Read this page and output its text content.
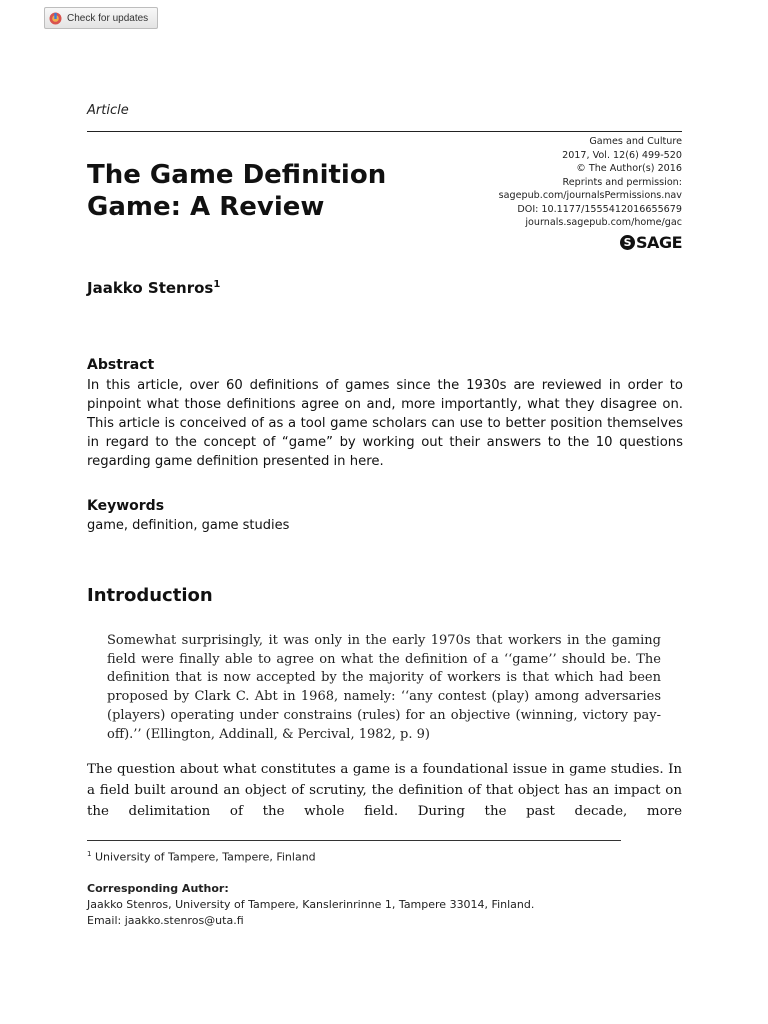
Check for updates
Article
Games and Culture
2017, Vol. 12(6) 499-520
© The Author(s) 2016
Reprints and permission:
sagepub.com/journalsPermissions.nav
DOI: 10.1177/1555412016655679
journals.sagepub.com/home/gac
S SAGE
The Game Definition
Game: A Review
Jaakko Stenros$^1$
Abstract
In this article, over 60 definitions of games since the 1930s are reviewed in order to pinpoint what those definitions agree on and, more importantly, what they disagree on. This article is conceived of as a tool game scholars can use to better position themselves in regard to the concept of “game” by working out their answers to the 10 questions regarding game definition presented in here.
Keywords
game, definition, game studies
Introduction
Somewhat surprisingly, it was only in the early 1970s that workers in the gaming field were finally able to agree on what the definition of a ‘‘game’’ should be. The definition that is now accepted by the majority of workers is that which had been proposed by Clark C. Abt in 1968, namely: ‘‘any contest (play) among adversaries (players) operating under constrains (rules) for an objective (winning, victory pay-off).’’ (Ellington, Addinall, & Percival, 1982, p. 9)
The question about what constitutes a game is a foundational issue in game studies. In a field built around an object of scrutiny, the definition of that object has an impact on the delimitation of the whole field. During the past decade, more
$^1$ University of Tampere, Tampere, Finland
Corresponding Author:
Jaakko Stenros, University of Tampere, Kanslerinrinne 1, Tampere 33014, Finland.
Email: jaakko.stenros@uta.fi
